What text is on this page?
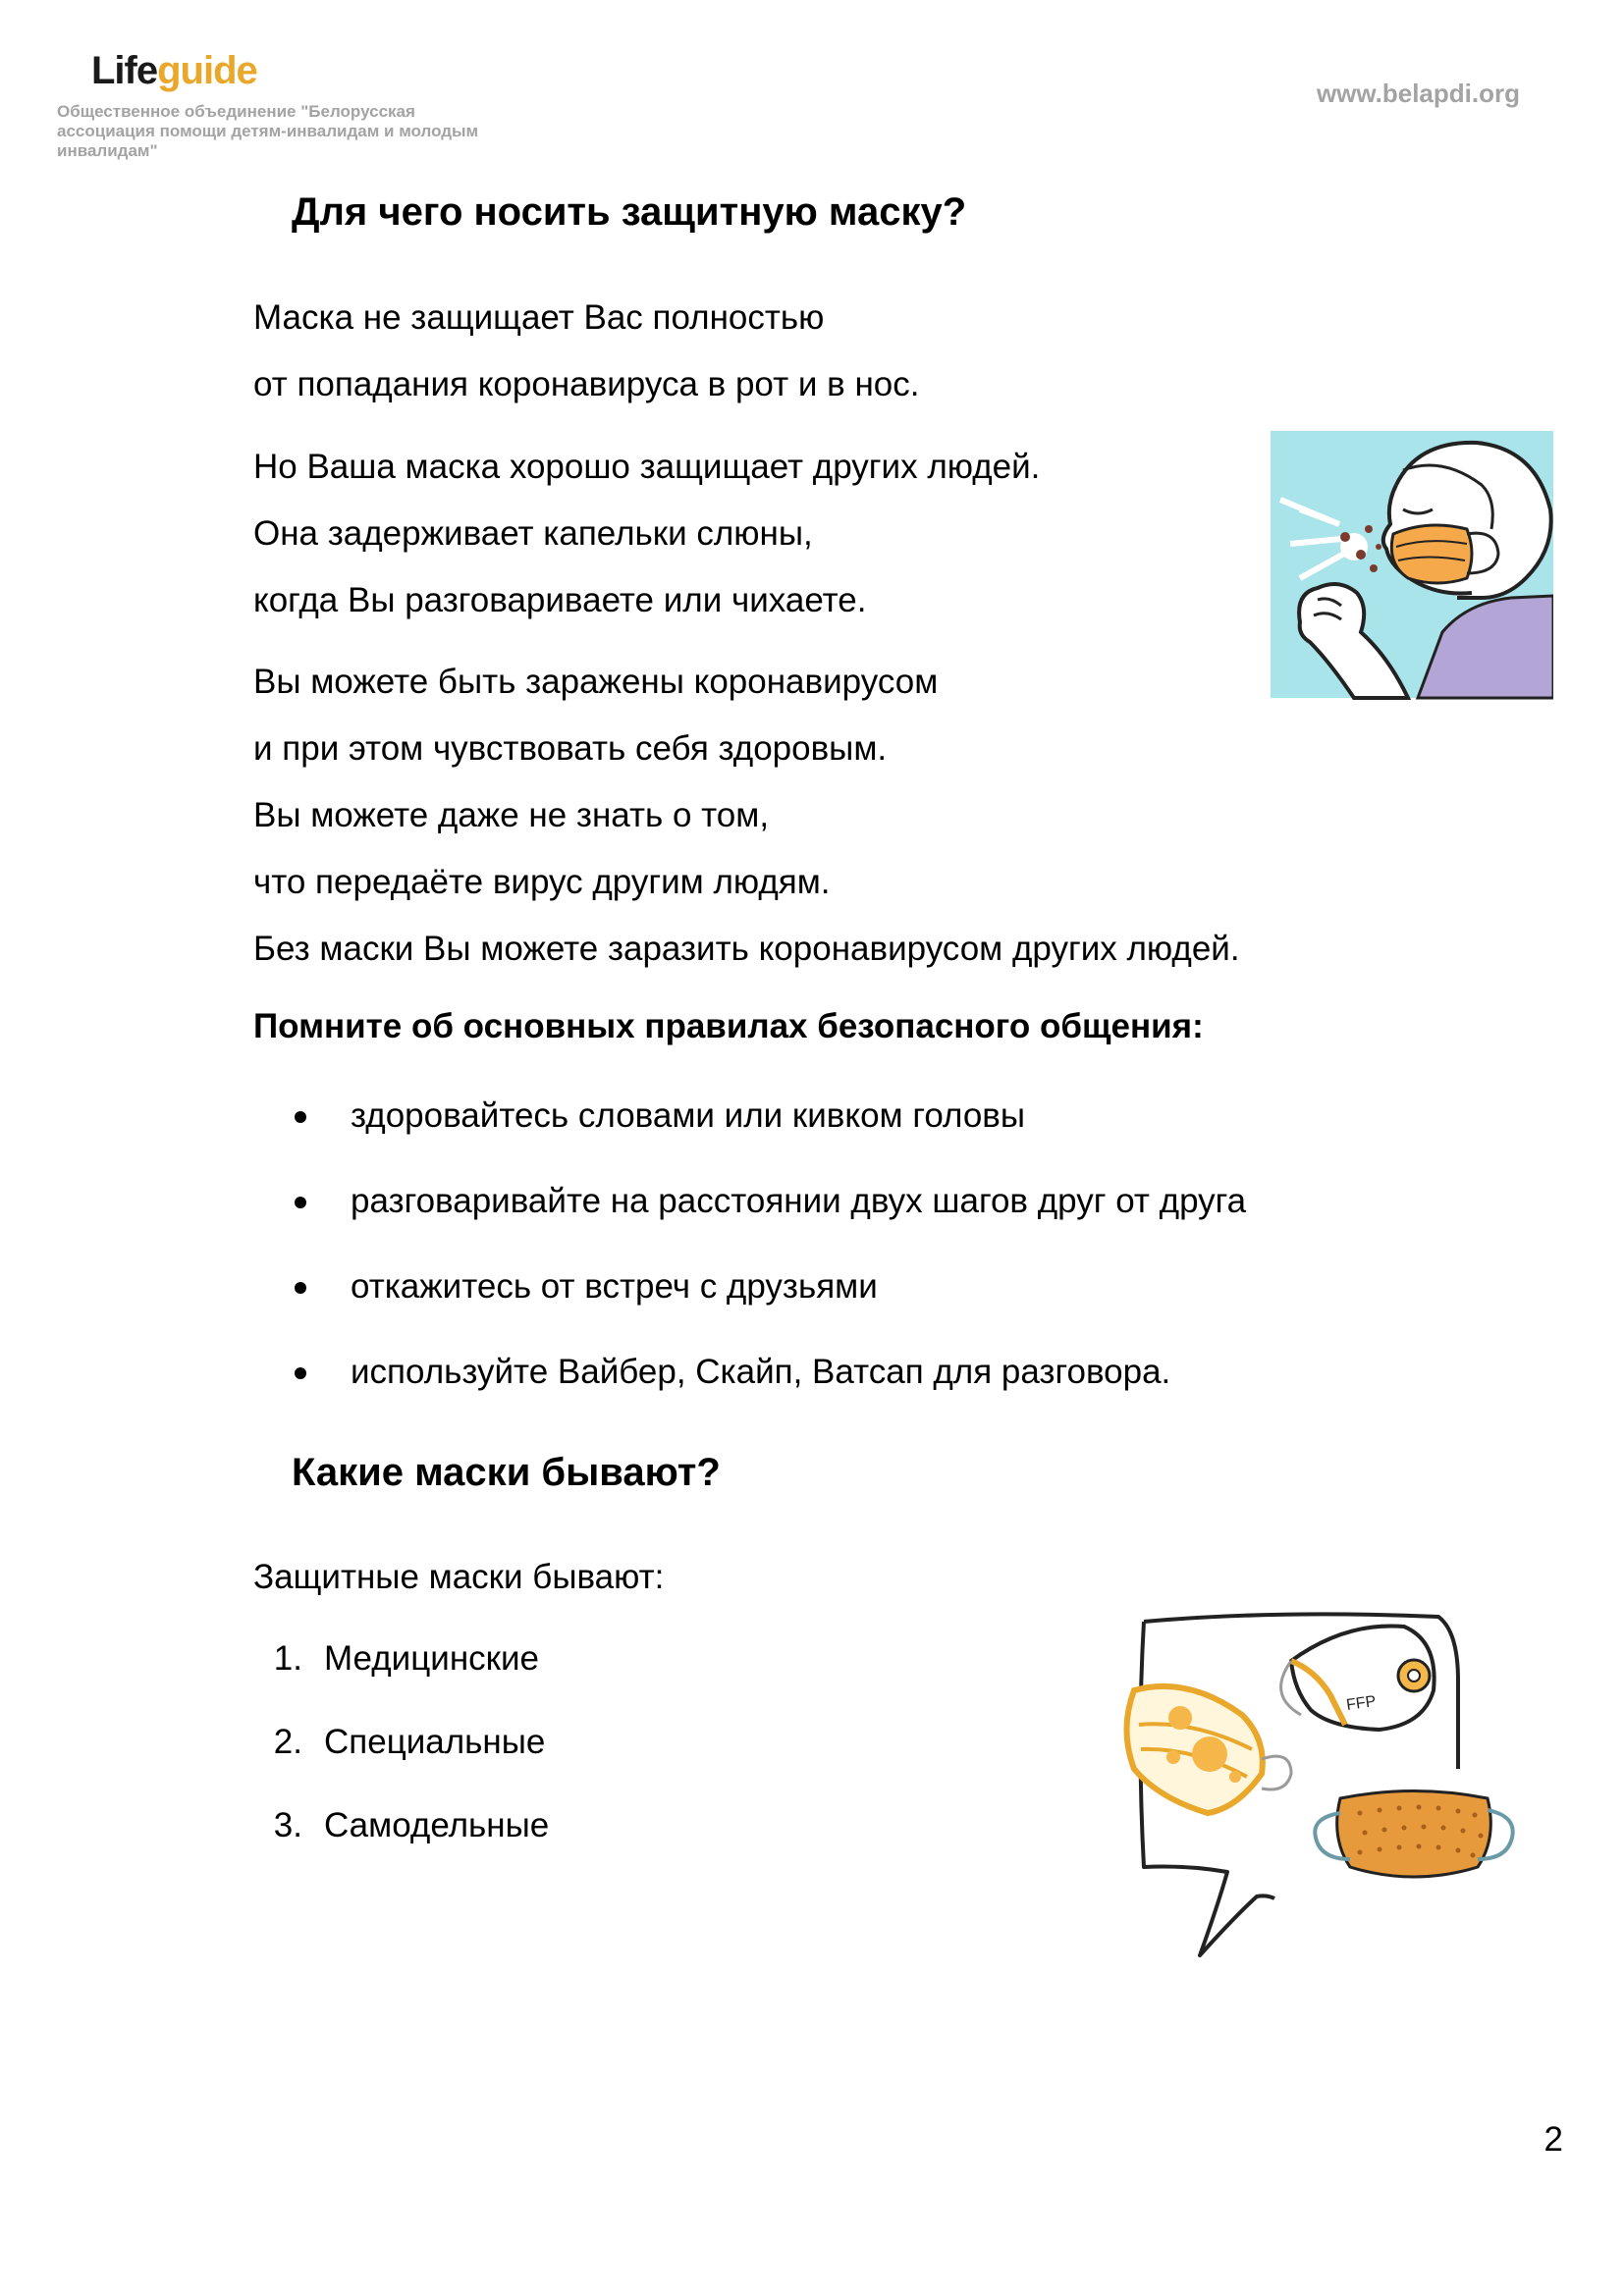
Lifeguide
Общественное объединение "Белорусская ассоциация помощи детям-инвалидам и молодым инвалидам"
www.belapdi.org
Для чего носить защитную маску?

Маска не защищает Вас полностью

от попадания коронавируса в рот и в нос.

Но Ваша маска хорошо защищает других людей.

Она задерживает капельки слюны,

когда Вы разговариваете или чихаете.

Вы можете быть заражены коронавирусом

и при этом чувствовать себя здоровым.

Вы можете даже не знать о том,

что передаёте вирус другим людям.

Без маски Вы можете заразить коронавирусом других людей.

Помните об основных правилах безопасного общения:
здоровайтесь словами или кивком головы
разговаривайте на расстоянии двух шагов друг от друга
откажитесь от встреч с друзьями
используйте Вайбер, Скайп, Ватсап для разговора.
Какие маски бывают?
Защитные маски бывают:
1. Медицинские
2. Специальные
3. Самодельные
FFP
2
